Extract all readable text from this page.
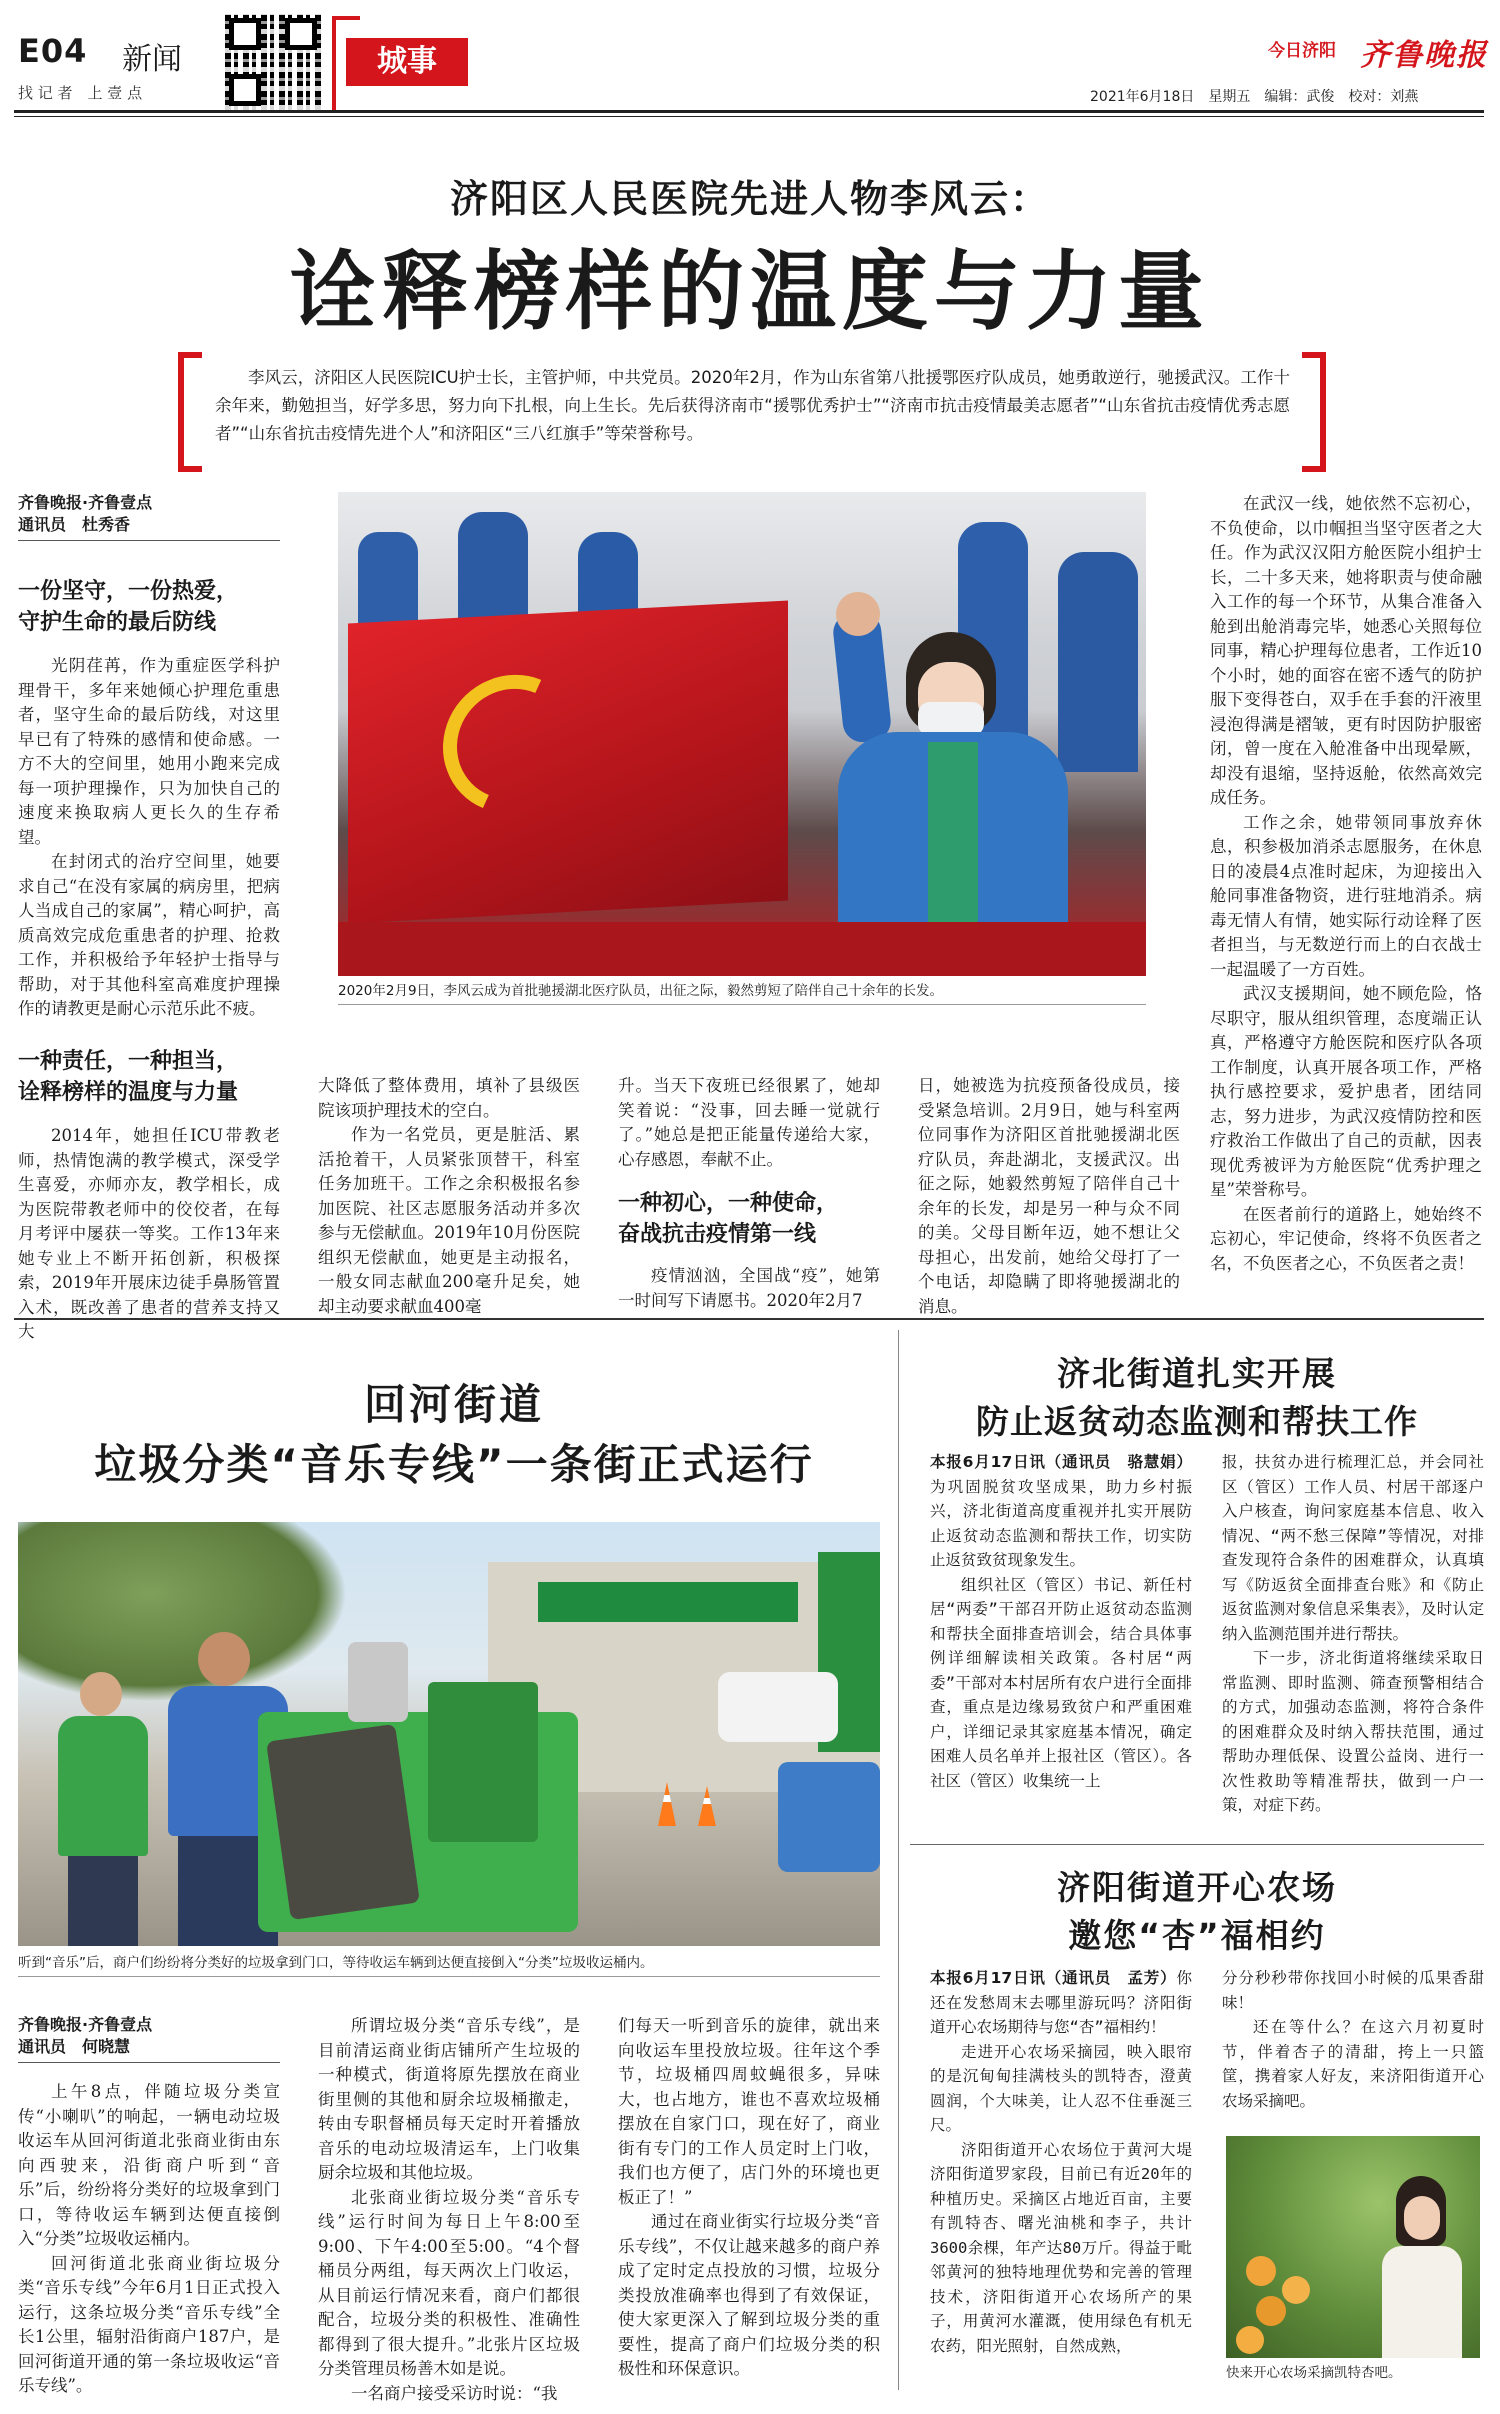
E04 新闻
找 记 者　上 壹 点
城事	今日济阳 齐鲁晚报
2021年6月18日　星期五　编辑：武俊　校对：刘燕
济阳区人民医院先进人物李风云：
诠释榜样的温度与力量
李风云，济阳区人民医院ICU护士长，主管护师，中共党员。2020年2月，作为山东省第八批援鄂医疗队成员，她勇敢逆行，驰援武汉。工作十余年来，勤勉担当，好学多思，努力向下扎根，向上生长。先后获得济南市“援鄂优秀护士”“济南市抗击疫情最美志愿者”“山东省抗击疫情优秀志愿者”“山东省抗击疫情先进个人”和济阳区“三八红旗手”等荣誉称号。
齐鲁晚报·齐鲁壹点
通讯员　杜秀香
一份坚守，一份热爱，
守护生命的最后防线

光阴荏苒，作为重症医学科护理骨干，多年来她倾心护理危重患者，坚守生命的最后防线，对这里早已有了特殊的感情和使命感。一方不大的空间里，她用小跑来完成每一项护理操作，只为加快自己的速度来换取病人更长久的生存希望。

在封闭式的治疗空间里，她要求自己“在没有家属的病房里，把病人当成自己的家属”，精心呵护，高质高效完成危重患者的护理、抢救工作，并积极给予年轻护士指导与帮助，对于其他科室高难度护理操作的请教更是耐心示范乐此不疲。

一种责任，一种担当，
诠释榜样的温度与力量

2014年，她担任ICU带教老师，热情饱满的教学模式，深受学生喜爱，亦师亦友，教学相长，成为医院带教老师中的佼佼者，在每月考评中屡获一等奖。工作13年来她专业上不断开拓创新，积极探索，2019年开展床边徒手鼻肠管置入术，既改善了患者的营养支持又大

2020年2月9日，李风云成为首批驰援湖北医疗队员，出征之际，毅然剪短了陪伴自己十余年的长发。

大降低了整体费用，填补了县级医院该项护理技术的空白。

作为一名党员，更是脏活、累活抢着干，人员紧张顶替干，科室任务加班干。工作之余积极报名参加医院、社区志愿服务活动并多次参与无偿献血。2019年10月份医院组织无偿献血，她更是主动报名，一般女同志献血200毫升足矣，她却主动要求献血400毫

升。当天下夜班已经很累了，她却笑着说：“没事，回去睡一觉就行了。”她总是把正能量传递给大家，心存感恩，奉献不止。

一种初心，一种使命，
奋战抗击疫情第一线

疫情汹汹，全国战“疫”，她第一时间写下请愿书。2020年2月7

日，她被选为抗疫预备役成员，接受紧急培训。2月9日，她与科室两位同事作为济阳区首批驰援湖北医疗队员，奔赴湖北，支援武汉。出征之际，她毅然剪短了陪伴自己十余年的长发，却是另一种与众不同的美。父母目断年迈，她不想让父母担心，出发前，她给父母打了一个电话，却隐瞒了即将驰援湖北的消息。

在武汉一线，她依然不忘初心，不负使命，以巾帼担当坚守医者之大任。作为武汉汉阳方舱医院小组护士长，二十多天来，她将职责与使命融入工作的每一个环节，从集合准备入舱到出舱消毒完毕，她悉心关照每位同事，精心护理每位患者，工作近10个小时，她的面容在密不透气的防护服下变得苍白，双手在手套的汗液里浸泡得满是褶皱，更有时因防护服密闭，曾一度在入舱准备中出现晕厥，却没有退缩，坚持返舱，依然高效完成任务。

工作之余，她带领同事放弃休息，积参极加消杀志愿服务，在休息日的凌晨4点准时起床，为迎接出入舱同事准备物资，进行驻地消杀。病毒无情人有情，她实际行动诠释了医者担当，与无数逆行而上的白衣战士一起温暖了一方百姓。

武汉支援期间，她不顾危险，恪尽职守，服从组织管理，态度端正认真，严格遵守方舱医院和医疗队各项工作制度，认真开展各项工作，严格执行感控要求，爱护患者，团结同志，努力进步，为武汉疫情防控和医疗救治工作做出了自己的贡献，因表现优秀被评为方舱医院“优秀护理之星”荣誉称号。

在医者前行的道路上，她始终不忘初心，牢记使命，终将不负医者之名，不负医者之心，不负医者之责！

回河街道
垃圾分类“音乐专线”一条街正式运行
听到“音乐”后，商户们纷纷将分类好的垃圾拿到门口，等待收运车辆到达便直接倒入“分类”垃圾收运桶内。
齐鲁晚报·齐鲁壹点
通讯员　何晓慧

上午8点，伴随垃圾分类宣传“小喇叭”的响起，一辆电动垃圾收运车从回河街道北张商业街由东向西驶来，沿街商户听到“音乐”后，纷纷将分类好的垃圾拿到门口，等待收运车辆到达便直接倒入“分类”垃圾收运桶内。

回河街道北张商业街垃圾分类“音乐专线”今年6月1日正式投入运行，这条垃圾分类“音乐专线”全长1公里，辐射沿街商户187户，是回河街道开通的第一条垃圾收运“音乐专线”。

所谓垃圾分类“音乐专线”，是目前清运商业街店铺所产生垃圾的一种模式，街道将原先摆放在商业街里侧的其他和厨余垃圾桶撤走，转由专职督桶员每天定时开着播放音乐的电动垃圾清运车，上门收集厨余垃圾和其他垃圾。

北张商业街垃圾分类“音乐专线”运行时间为每日上午8:00至9:00、下午4:00至5:00。“4个督桶员分两组，每天两次上门收运，从目前运行情况来看，商户们都很配合，垃圾分类的积极性、准确性都得到了很大提升。”北张片区垃圾分类管理员杨善木如是说。

一名商户接受采访时说：“我

们每天一听到音乐的旋律，就出来向收运车里投放垃圾。往年这个季节，垃圾桶四周蚊蝇很多，异味大，也占地方，谁也不喜欢垃圾桶摆放在自家门口，现在好了，商业街有专门的工作人员定时上门收，我们也方便了，店门外的环境也更板正了！”

通过在商业街实行垃圾分类“音乐专线”，不仅让越来越多的商户养成了定时定点投放的习惯，垃圾分类投放准确率也得到了有效保证，使大家更深入了解到垃圾分类的重要性，提高了商户们垃圾分类的积极性和环保意识。

济北街道扎实开展
防止返贫动态监测和帮扶工作

本报6月17日讯（通讯员　骆慧娟）为巩固脱贫攻坚成果，助力乡村振兴，济北街道高度重视并扎实开展防止返贫动态监测和帮扶工作，切实防止返贫致贫现象发生。

组织社区（管区）书记、新任村居“两委”干部召开防止返贫动态监测和帮扶全面排查培训会，结合具体事例详细解读相关政策。各村居“两委”干部对本村居所有农户进行全面排查，重点是边缘易致贫户和严重困难户，详细记录其家庭基本情况，确定困难人员名单并上报社区（管区）。各社区（管区）收集统一上

报，扶贫办进行梳理汇总，并会同社区（管区）工作人员、村居干部逐户入户核查，询问家庭基本信息、收入情况、“两不愁三保障”等情况，对排查发现符合条件的困难群众，认真填写《防返贫全面排查台账》和《防止返贫监测对象信息采集表》，及时认定纳入监测范围并进行帮扶。

下一步，济北街道将继续采取日常监测、即时监测、筛查预警相结合的方式，加强动态监测，将符合条件的困难群众及时纳入帮扶范围，通过帮助办理低保、设置公益岗、进行一次性救助等精准帮扶，做到一户一策，对症下药。

济阳街道开心农场
邀您“杏”福相约

本报6月17日讯（通讯员　孟芳）你还在发愁周末去哪里游玩吗？济阳街道开心农场期待与您“杏”福相约！

走进开心农场采摘园，映入眼帘的是沉甸甸挂满枝头的凯特杏，澄黄圆润，个大味美，让人忍不住垂涎三尺。

济阳街道开心农场位于黄河大堤济阳街道罗家段，目前已有近20年的种植历史。采摘区占地近百亩，主要有凯特杏、曙光油桃和李子，共计3600余棵，年产达80万斤。得益于毗邻黄河的独特地理优势和完善的管理技术，济阳街道开心农场所产的果子，用黄河水灌溉，使用绿色有机无农药，阳光照射，自然成熟，

分分秒秒带你找回小时候的瓜果香甜味！

还在等什么？在这六月初夏时节，伴着杏子的清甜，挎上一只篮筐，携着家人好友，来济阳街道开心农场采摘吧。

快来开心农场采摘凯特杏吧。
